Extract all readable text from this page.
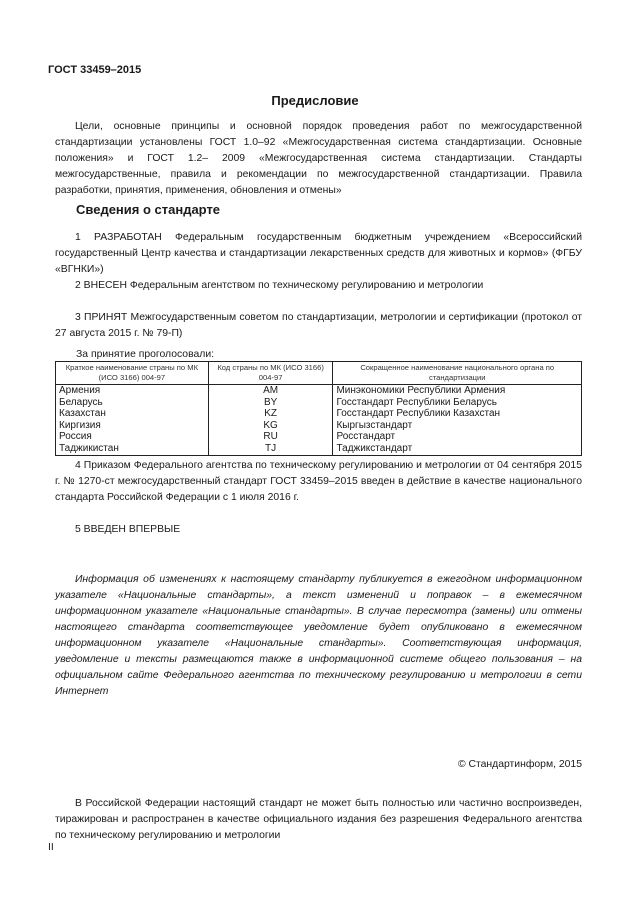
ГОСТ 33459–2015
Предисловие
Цели, основные принципы и основной порядок проведения работ по межгосударственной стандартизации установлены ГОСТ 1.0–92 «Межгосударственная система стандартизации. Основные положения» и ГОСТ 1.2– 2009 «Межгосударственная система стандартизации. Стандарты межгосударственные, правила и рекомендации по межгосударственной стандартизации. Правила разработки, принятия, применения, обновления и отмены»
Сведения о стандарте
1 РАЗРАБОТАН Федеральным государственным бюджетным учреждением «Всероссийский государственный Центр качества и стандартизации лекарственных средств для животных и кормов» (ФГБУ «ВГНКИ»)
2 ВНЕСЕН Федеральным агентством по техническому регулированию и метрологии
3 ПРИНЯТ Межгосударственным советом по стандартизации, метрологии и сертификации (протокол от 27 августа 2015 г. № 79-П)
За принятие проголосовали:
Краткое наименование страны по МК (ИСО 3166) 004-97	Код страны по МК (ИСО 3166) 004-97	Сокращенное наименование национального органа по стандартизации
Армения	AM	Минэкономики Республики Армения
Беларусь	BY	Госстандарт Республики Беларусь
Казахстан	KZ	Госстандарт Республики Казахстан
Киргизия	KG	Кыргызстандарт
Россия	RU	Росстандарт
Таджикистан	TJ	Таджикстандарт
4 Приказом Федерального агентства по техническому регулированию и метрологии от 04 сентября 2015 г. № 1270-ст межгосударственный стандарт ГОСТ 33459–2015 введен в действие в качестве национального стандарта Российской Федерации с 1 июля 2016 г.
5 ВВЕДЕН ВПЕРВЫЕ
Информация об изменениях к настоящему стандарту публикуется в ежегодном информационном указателе «Национальные стандарты», а текст изменений и поправок – в ежемесячном информационном указателе «Национальные стандарты». В случае пересмотра (замены) или отмены настоящего стандарта соответствующее уведомление будет опубликовано в ежемесячном информационном указателе «Национальные стандарты». Соответствующая информация, уведомление и тексты размещаются также в информационной системе общего пользования – на официальном сайте Федерального агентства по техническому регулированию и метрологии в сети Интернет
© Стандартинформ, 2015
В Российской Федерации настоящий стандарт не может быть полностью или частично воспроизведен, тиражирован и распространен в качестве официального издания без разрешения Федерального агентства по техническому регулированию и метрологии
II
